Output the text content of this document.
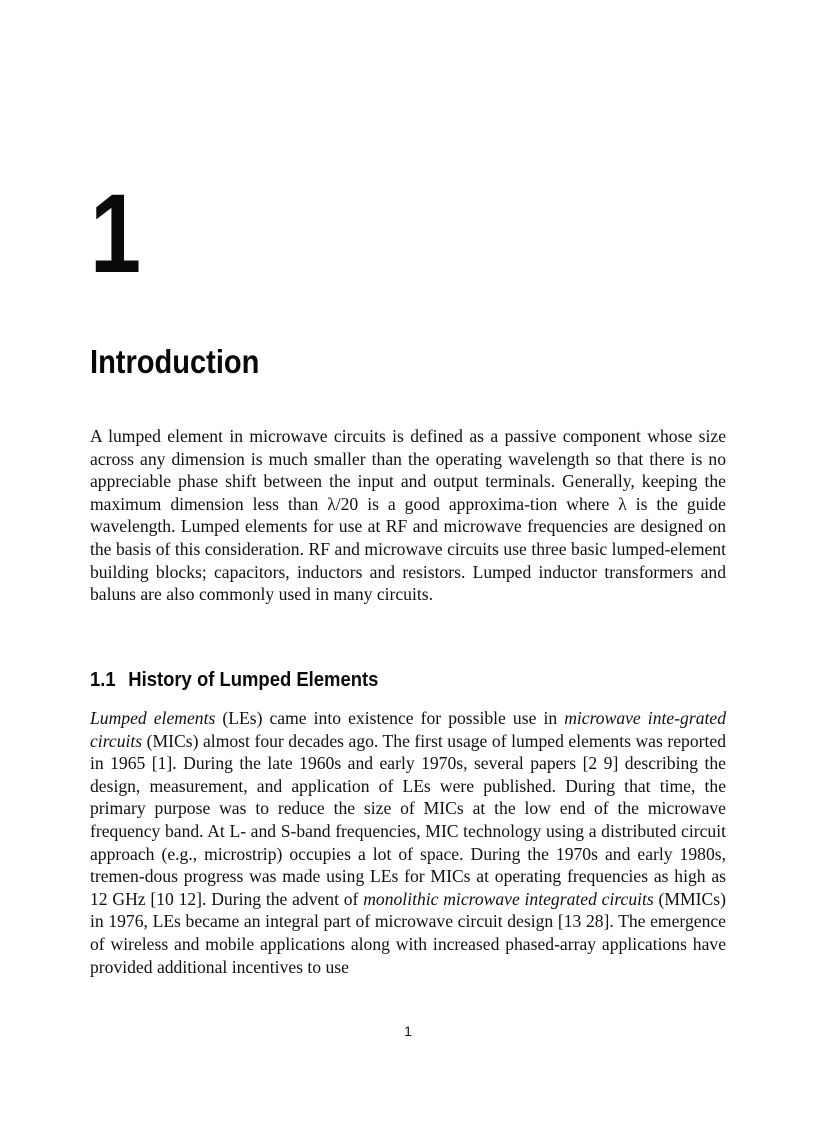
1
Introduction

A lumped element in microwave circuits is defined as a passive component whose size across any dimension is much smaller than the operating wavelength so that there is no appreciable phase shift between the input and output terminals. Generally, keeping the maximum dimension less than λ/20 is a good approxima-tion where λ is the guide wavelength. Lumped elements for use at RF and microwave frequencies are designed on the basis of this consideration. RF and microwave circuits use three basic lumped-element building blocks; capacitors, inductors and resistors. Lumped inductor transformers and baluns are also commonly used in many circuits.

1.1 History of Lumped Elements

Lumped elements (LEs) came into existence for possible use in microwave inte-grated circuits (MICs) almost four decades ago. The first usage of lumped elements was reported in 1965 [1]. During the late 1960s and early 1970s, several papers [2 9] describing the design, measurement, and application of LEs were published. During that time, the primary purpose was to reduce the size of MICs at the low end of the microwave frequency band. At L- and S-band frequencies, MIC technology using a distributed circuit approach (e.g., microstrip) occupies a lot of space. During the 1970s and early 1980s, tremen-dous progress was made using LEs for MICs at operating frequencies as high as 12 GHz [10 12]. During the advent of monolithic microwave integrated circuits (MMICs) in 1976, LEs became an integral part of microwave circuit design [13 28]. The emergence of wireless and mobile applications along with increased phased-array applications have provided additional incentives to use

1
